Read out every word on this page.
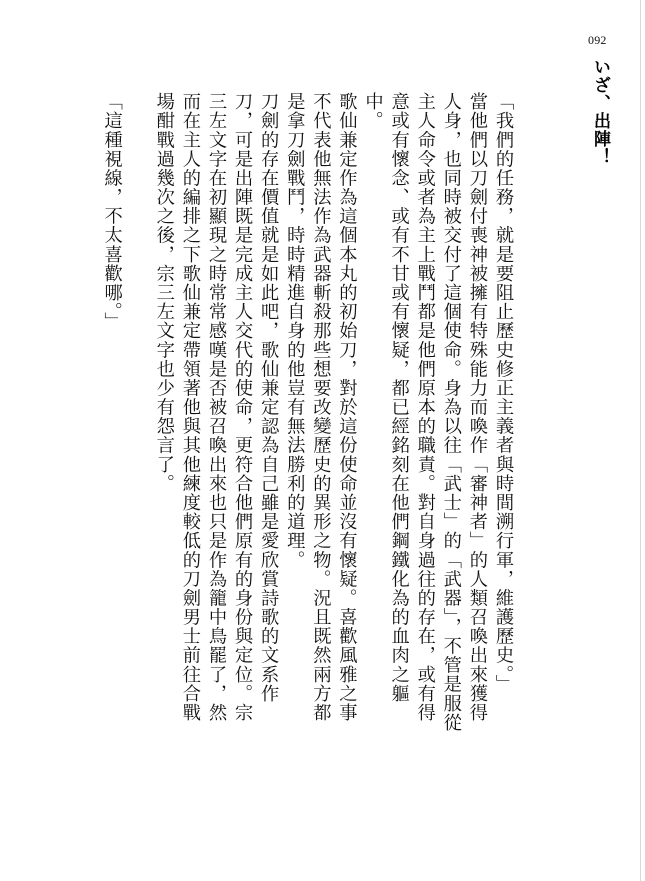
092
いざ、出陣！

「我們的任務，就是要阻止歷史修正主義者與時間溯行軍，維護歷史。」

當他們以刀劍付喪神被擁有特殊能力而喚作「審神者」的人類召喚出來獲得人身，也同時被交付了這個使命。身為以往「武士」的「武器」，不管是服從主人命令或者為主上戰鬥都是他們原本的職責。對自身過往的存在，或有得意或有懷念、或有不甘或有懷疑，都已經銘刻在他們鋼鐵化為的血肉之軀中。

歌仙兼定作為這個本丸的初始刀，對於這份使命並沒有懷疑。喜歡風雅之事不代表他無法作為武器斬殺那些想要改變歷史的異形之物。況且既然兩方都是拿刀劍戰鬥，時時精進自身的他豈有無法勝利的道理。

刀劍的存在價值就是如此吧，歌仙兼定認為自己雖是愛欣賞詩歌的文系作刀，可是出陣既是完成主人交代的使命，更符合他們原有的身份與定位。宗三左文字在初顯現之時常常感嘆是否被召喚出來也只是作為籠中鳥罷了，然而在主人的編排之下歌仙兼定帶領著他與其他練度較低的刀劍男士前往合戰場酣戰過幾次之後，宗三左文字也少有怨言了。

「這種視線，不太喜歡哪。」
